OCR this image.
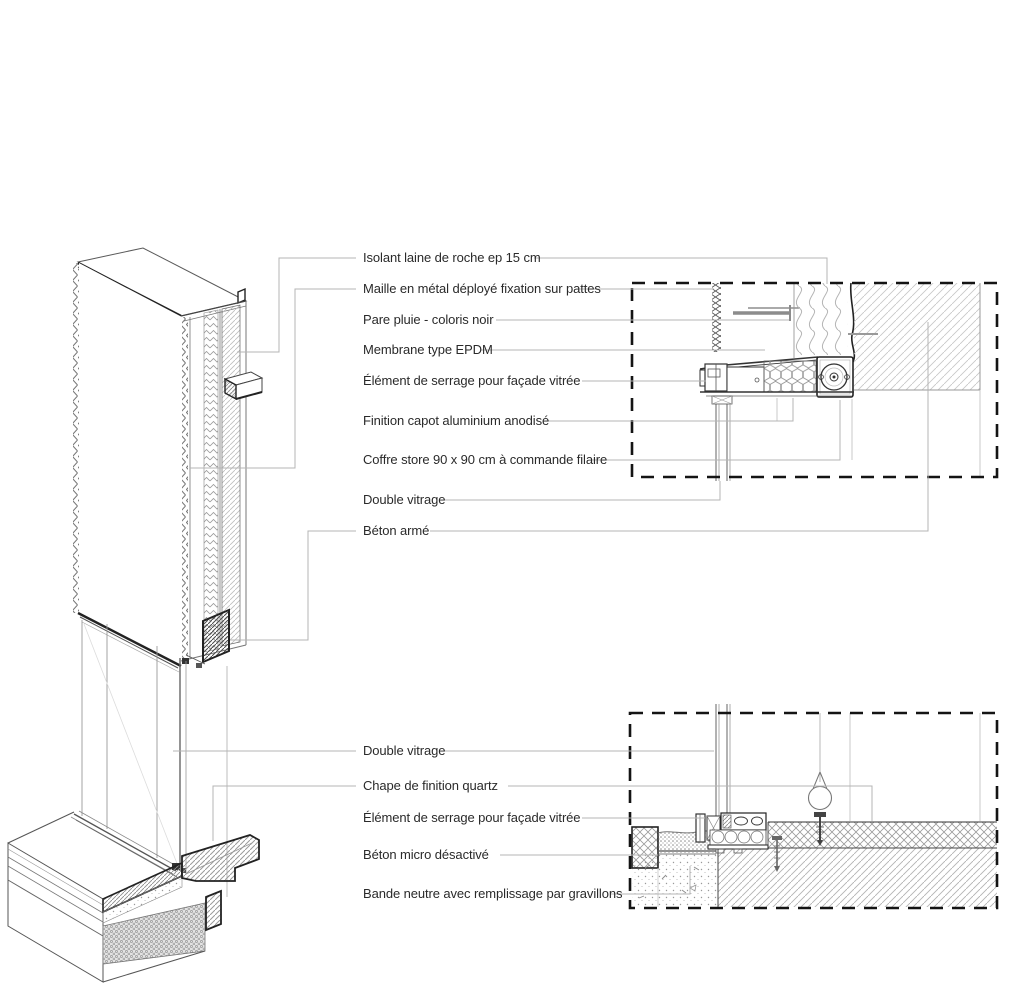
Isolant laine de roche ep 15 cm
Maille en métal déployé fixation sur pattes
Pare pluie - coloris noir
Membrane type EPDM
Élément de serrage pour façade vitrée
Finition capot aluminium anodisé
Coffre store 90 x 90 cm à commande filaire
Double vitrage
Béton armé
Double vitrage
Chape de finition quartz
Élément de serrage pour façade vitrée
Béton micro désactivé
Bande neutre avec remplissage par gravillons
